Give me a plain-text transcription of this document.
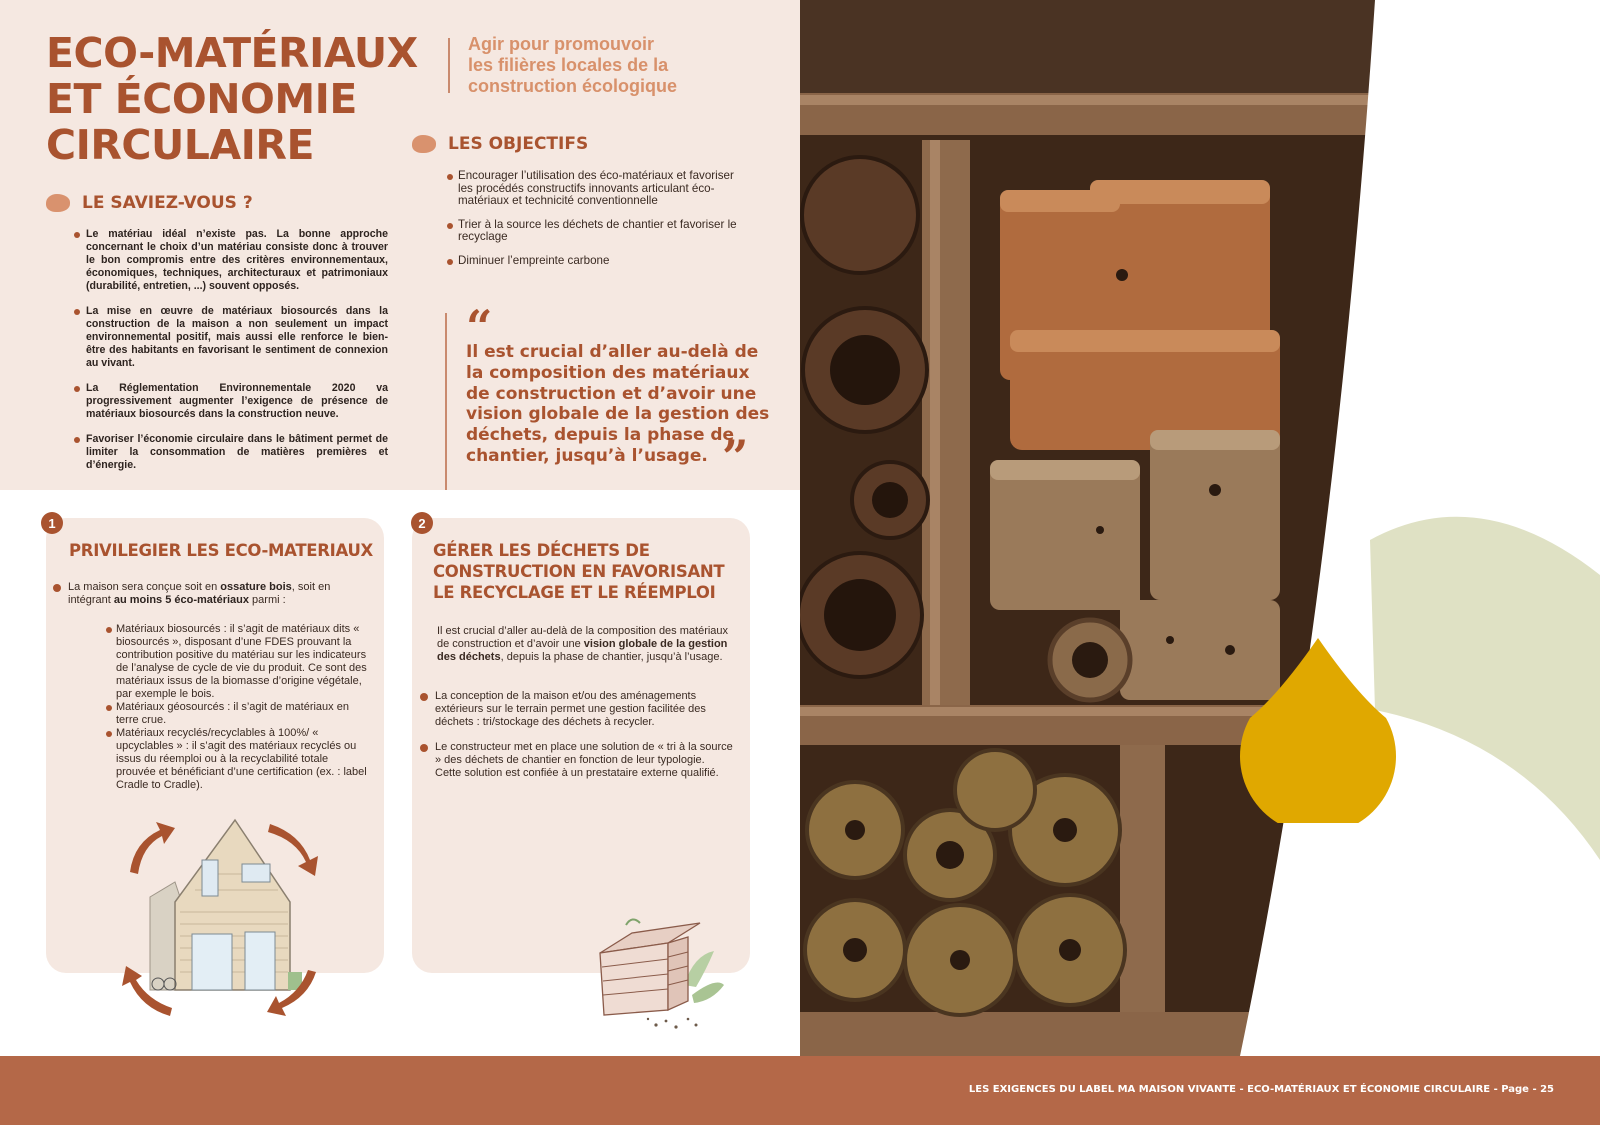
ECO-MATÉRIAUX
ET ÉCONOMIE
CIRCULAIRE
Agir pour promouvoir
les filières locales de la
construction écologique
LE SAVIEZ-VOUS ?
Le matériau idéal n’existe pas. La bonne approche concernant le choix d’un matériau consiste donc à trouver le bon compromis entre des critères environnementaux, économiques, techniques, architecturaux et patrimoniaux (durabilité, entretien, ...) souvent opposés.
La mise en œuvre de matériaux biosourcés dans la construction de la maison a non seulement un impact environnemental positif, mais aussi elle renforce le bien-être des habitants en favorisant le sentiment de connexion au vivant.
La Réglementation Environnementale 2020 va progressivement augmenter l’exigence de présence de matériaux biosourcés dans la construction neuve.
Favoriser l’économie circulaire dans le bâtiment permet de limiter la consommation de matières premières et d’énergie.
LES OBJECTIFS
Encourager l’utilisation des éco-matériaux et favoriser les procédés constructifs innovants articulant éco-matériaux et technicité conventionnelle
Trier à la source les déchets de chantier et favoriser le recyclage
Diminuer l’empreinte carbone
“
Il est crucial d’aller au-delà de
la composition des matériaux
de construction et d’avoir une
vision globale de la gestion des
déchets, depuis la phase de
chantier, jusqu’à l’usage. ”
1
PRIVILEGIER LES ECO-MATERIAUX
La maison sera conçue soit en ossature bois, soit en intégrant au moins 5 éco-matériaux parmi :
Matériaux biosourcés : il s’agit de matériaux dits « biosourcés », disposant d’une FDES prouvant la contribution positive du matériau sur les indicateurs de l’analyse de cycle de vie du produit. Ce sont des matériaux issus de la biomasse d’origine végétale, par exemple le bois.
Matériaux géosourcés : il s’agit de matériaux en terre crue.
Matériaux recyclés/recyclables à 100%/ « upcyclables » : il s’agit des matériaux recyclés ou issus du réemploi ou à la recyclabilité totale prouvée et bénéficiant d’une certification (ex. : label Cradle to Cradle).
2
GÉRER LES DÉCHETS DE
CONSTRUCTION EN FAVORISANT
LE RECYCLAGE ET LE RÉEMPLOI
Il est crucial d’aller au-delà de la composition des matériaux de construction et d’avoir une vision globale de la gestion des déchets, depuis la phase de chantier, jusqu’à l’usage.
La conception de la maison et/ou des aménagements extérieurs sur le terrain permet une gestion facilitée des déchets : tri/stockage des déchets à recycler.
Le constructeur met en place une solution de « tri à la source » des déchets de chantier en fonction de leur typologie. Cette solution est confiée à un prestataire externe qualifié.
LES EXIGENCES DU LABEL MA MAISON VIVANTE - ECO-MATÉRIAUX ET ÉCONOMIE CIRCULAIRE - Page - 25
